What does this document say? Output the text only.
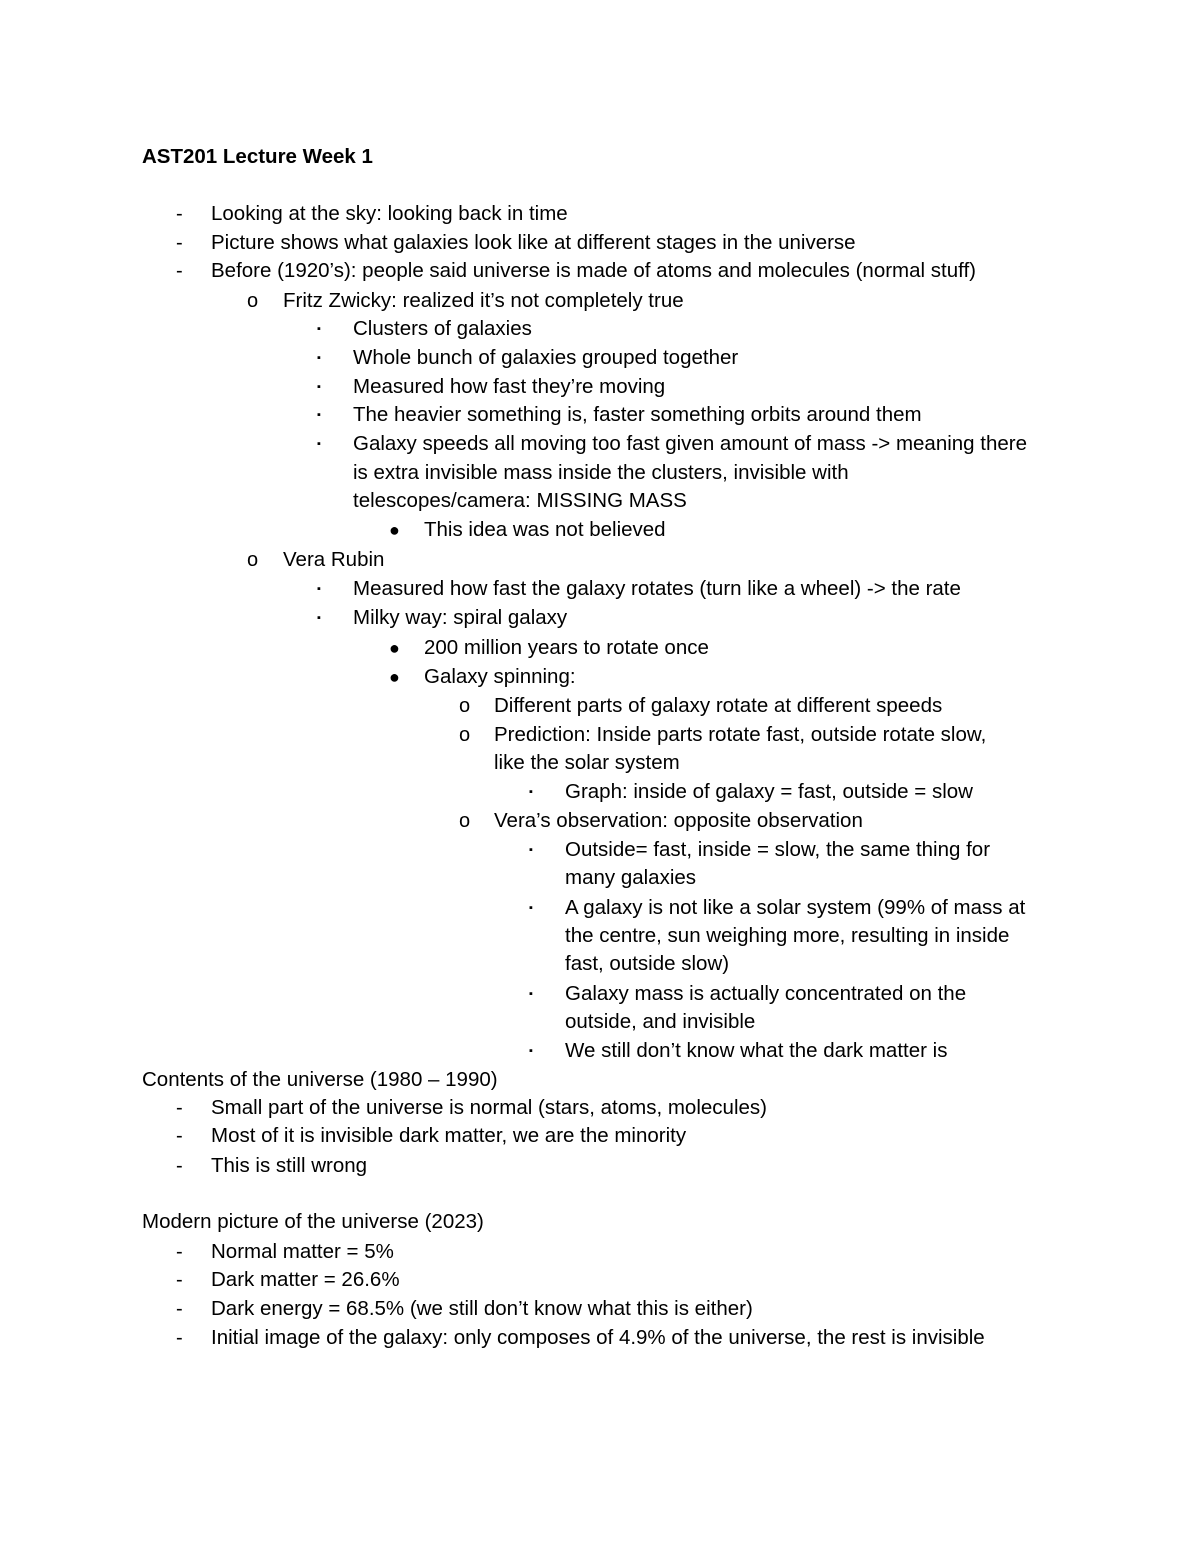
AST201 Lecture Week 1
- Looking at the sky: looking back in time
- Picture shows what galaxies look like at different stages in the universe
- Before (1920’s): people said universe is made of atoms and molecules (normal stuff)
o Fritz Zwicky: realized it’s not completely true
▪ Clusters of galaxies
▪ Whole bunch of galaxies grouped together
▪ Measured how fast they’re moving
▪ The heavier something is, faster something orbits around them
▪ Galaxy speeds all moving too fast given amount of mass -> meaning there
is extra invisible mass inside the clusters, invisible with
telescopes/camera: MISSING MASS
● This idea was not believed
o Vera Rubin
▪ Measured how fast the galaxy rotates (turn like a wheel) -> the rate
▪ Milky way: spiral galaxy
● 200 million years to rotate once
● Galaxy spinning:
o Different parts of galaxy rotate at different speeds
o Prediction: Inside parts rotate fast, outside rotate slow,
like the solar system
▪ Graph: inside of galaxy = fast, outside = slow
o Vera’s observation: opposite observation
▪ Outside= fast, inside = slow, the same thing for
many galaxies
▪ A galaxy is not like a solar system (99% of mass at
the centre, sun weighing more, resulting in inside
fast, outside slow)
▪ Galaxy mass is actually concentrated on the
outside, and invisible
▪ We still don’t know what the dark matter is
Contents of the universe (1980 – 1990)
- Small part of the universe is normal (stars, atoms, molecules)
- Most of it is invisible dark matter, we are the minority
- This is still wrong
Modern picture of the universe (2023)
- Normal matter = 5%
- Dark matter = 26.6%
- Dark energy = 68.5% (we still don’t know what this is either)
- Initial image of the galaxy: only composes of 4.9% of the universe, the rest is invisible
